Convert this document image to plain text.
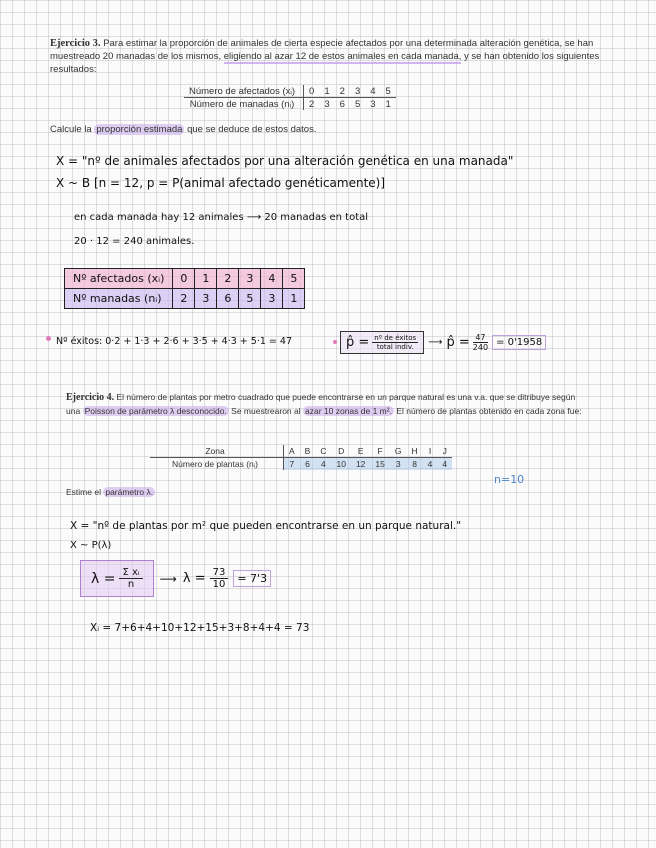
Ejercicio 3. Para estimar la proporción de animales de cierta especie afectados por una determinada alteración genética, se han muestreado 20 manadas de los mismos, eligiendo al azar 12 de estos animales en cada manada, y se han obtenido los siguientes resultados:
Número de afectados (xᵢ)	0	1	2	3	4	5
Número de manadas (nᵢ)	2	3	6	5	3	1
Calcule la proporción estimada que se deduce de estos datos.
X = "nº de animales afectados por una alteración genética en una manada"
X ~ B [n = 12, p = P(animal afectado genéticamente)]
en cada manada hay 12 animales ⟶ 20 manadas en total
20 · 12 = 240 animales.
Nº afectados (xᵢ)	0	1	2	3	4	5
Nº manadas (nᵢ)	2	3	6	5	3	1
Nº éxitos: 0·2 + 1·3 + 2·6 + 3·5 + 4·3 + 5·1 = 47	p̂ = nº de éxitos
total indiv. ⟶ p̂ = $\frac{47}{240} = 0'1958$
Ejercicio 4. El número de plantas por metro cuadrado que puede encontrarse en un parque natural es una v.a. que se ditribuye según una Poisson de parámetro λ desconocido. Se muestrearon al azar 10 zonas de 1 m². El número de plantas obtenido en cada zona fue:
Zona	A	B	C	D	E	F	G	H	I	J
Número de plantas (nᵢ)	7	6	4	10	12	15	3	8	4	4
n=10
Estime el parámetro λ.
X = "nº de plantas por m² que pueden encontrarse en un parque natural."
X ~ P(λ)
$\lambda = \frac{\text{Σ xᵢ}}{n}$ ⟶ $\lambda = \frac{73}{10} = 7'3$
Xᵢ = 7+6+4+10+12+15+3+8+4+4 = 73
